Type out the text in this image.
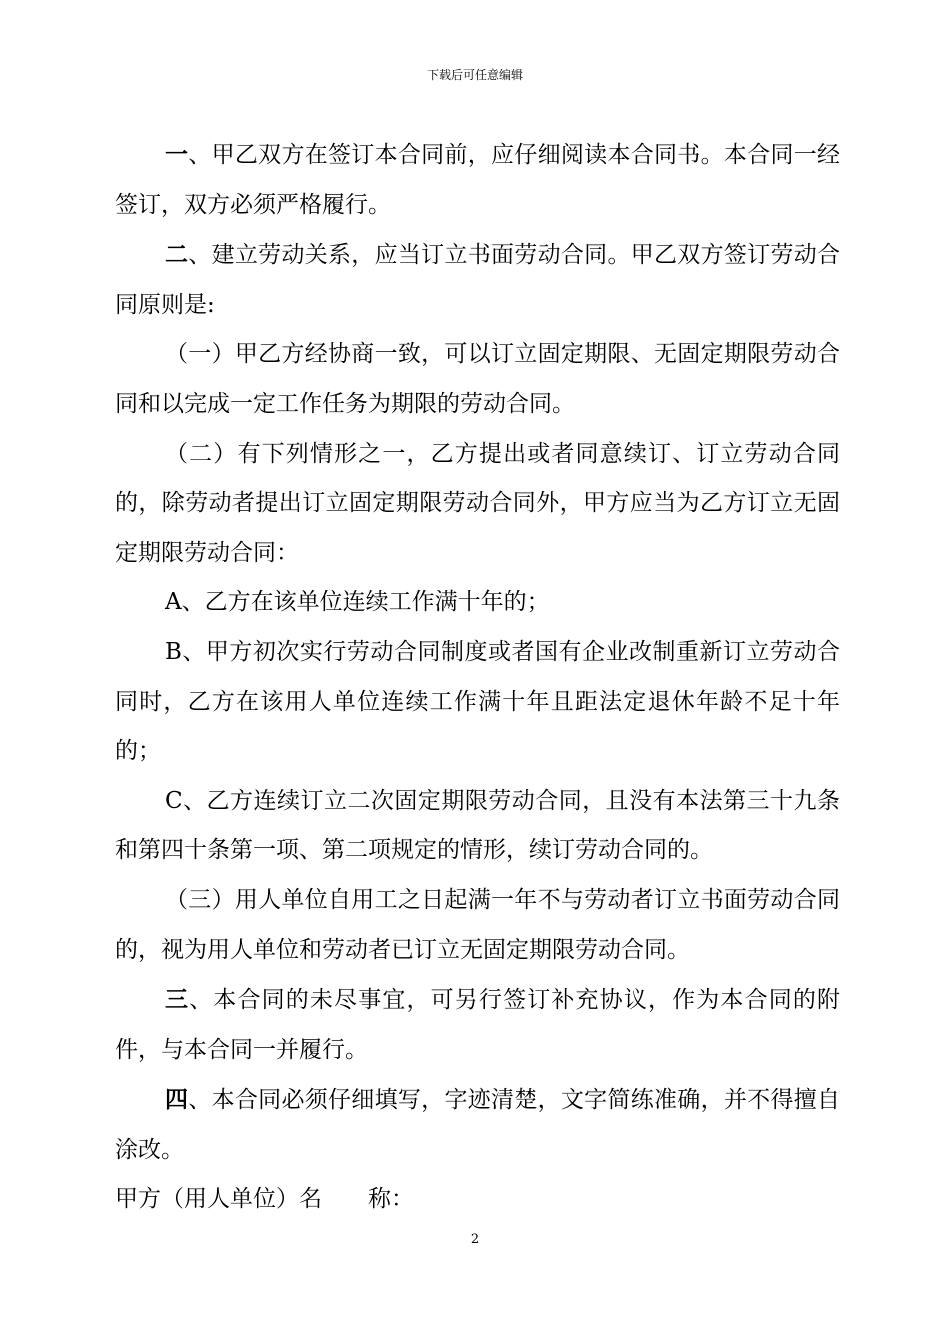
下载后可任意编辑

一、甲乙双方在签订本合同前，应仔细阅读本合同书。本合同一经签订，双方必须严格履行。

二、建立劳动关系，应当订立书面劳动合同。甲乙双方签订劳动合同原则是:

（一）甲乙方经协商一致，可以订立固定期限、无固定期限劳动合同和以完成一定工作任务为期限的劳动合同。

（二）有下列情形之一，乙方提出或者同意续订、订立劳动合同的，除劳动者提出订立固定期限劳动合同外，甲方应当为乙方订立无固定期限劳动合同：

A、乙方在该单位连续工作满十年的；

B、甲方初次实行劳动合同制度或者国有企业改制重新订立劳动合同时，乙方在该用人单位连续工作满十年且距法定退休年龄不足十年的；

C、乙方连续订立二次固定期限劳动合同，且没有本法第三十九条和第四十条第一项、第二项规定的情形，续订劳动合同的。

（三）用人单位自用工之日起满一年不与劳动者订立书面劳动合同的，视为用人单位和劳动者已订立无固定期限劳动合同。

三、本合同的未尽事宜，可另行签订补充协议，作为本合同的附件，与本合同一并履行。

四、本合同必须仔细填写，字迹清楚，文字简练准确，并不得擅自涂改。

甲方（用人单位）名　　称：

2
